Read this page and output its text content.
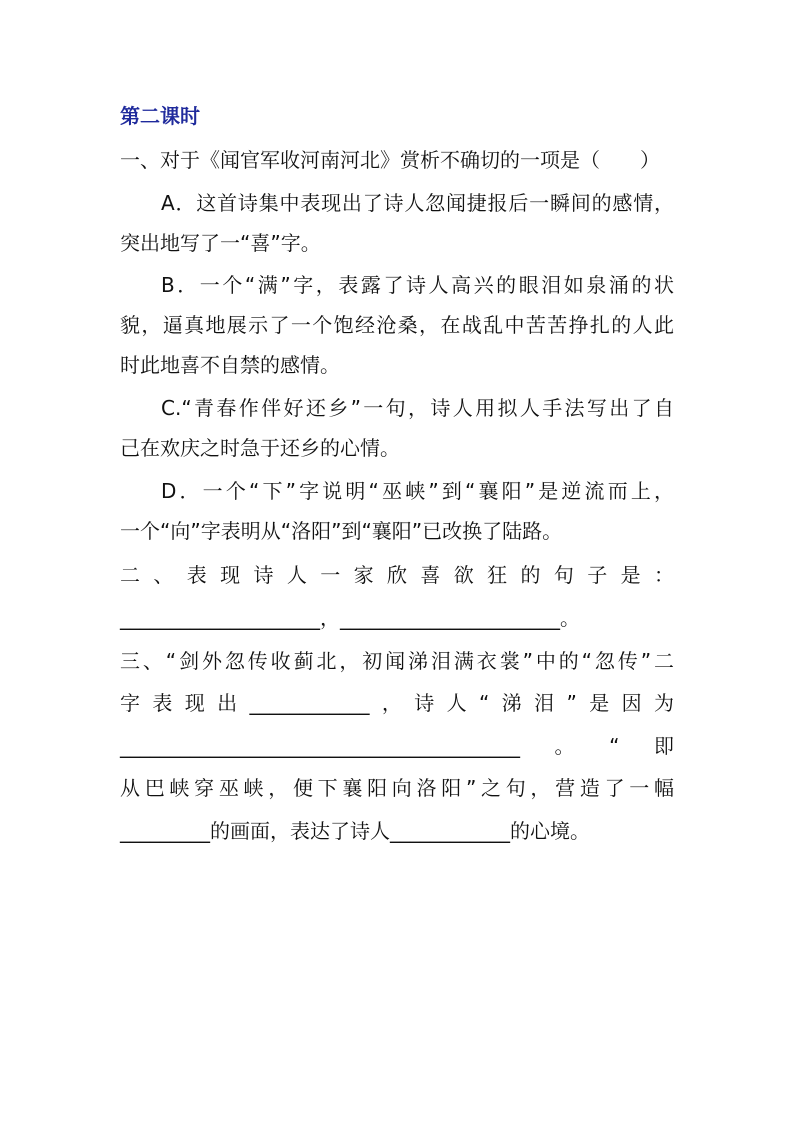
第二课时
一、对于《闻官军收河南河北》赏析不确切的一项是（　　）
A．这首诗集中表现出了诗人忽闻捷报后一瞬间的感情，
突出地写了一“喜”字。
B．一个“满”字，表露了诗人高兴的眼泪如泉涌的状
貌，逼真地展示了一个饱经沧桑，在战乱中苦苦挣扎的人此
时此地喜不自禁的感情。
C.“青春作伴好还乡”一句，诗人用拟人手法写出了自
己在欢庆之时急于还乡的心情。
D．一个“下”字说明“巫峡”到“襄阳”是逆流而上，
一个“向”字表明从“洛阳”到“襄阳”已改换了陆路。
二、表现诗人一家欣喜欲狂的句子是：
____________________，______________________。
三、“剑外忽传收蓟北，初闻涕泪满衣裳”中的“忽传”二
字表现出____________，诗人“涕泪”是因为
________________________________________。“即
从巴峡穿巫峡，便下襄阳向洛阳”之句，营造了一幅
_________的画面，表达了诗人____________的心境。
